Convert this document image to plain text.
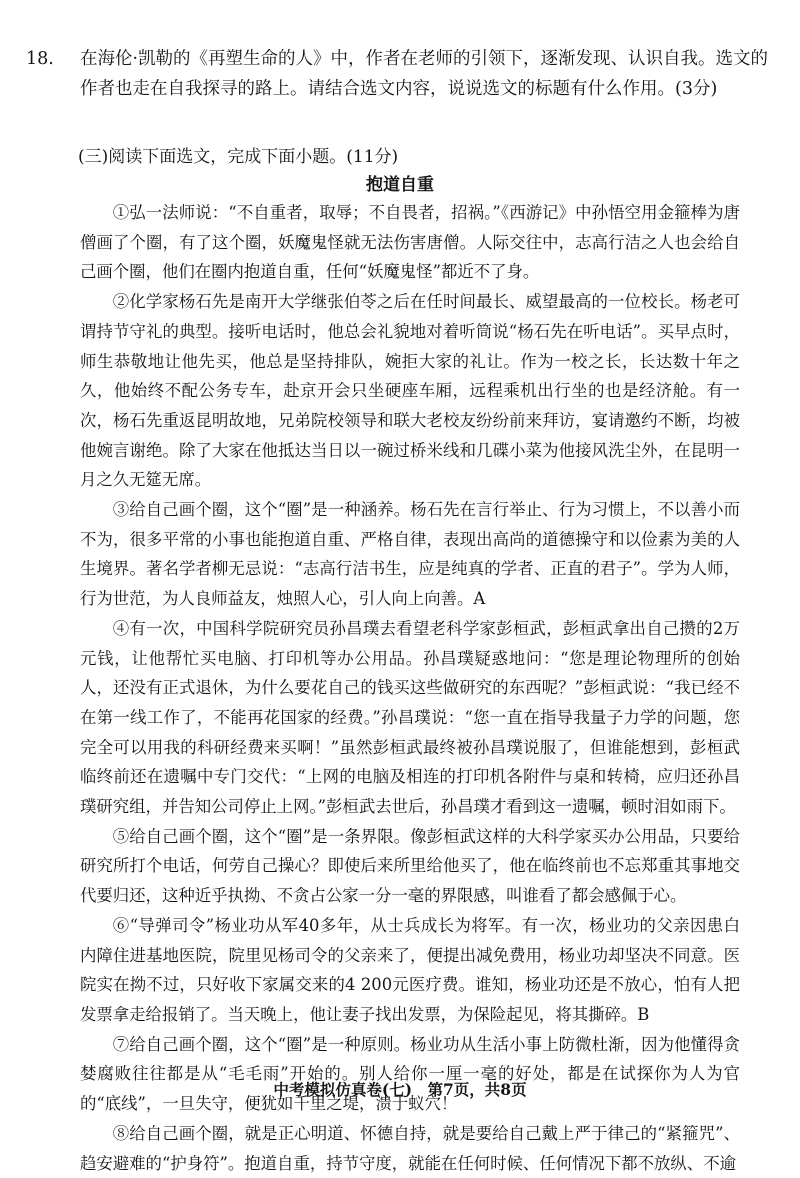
18. 在海伦·凯勒的《再塑生命的人》中，作者在老师的引领下，逐渐发现、认识自我。选文的作者也走在自我探寻的路上。请结合选文内容，说说选文的标题有什么作用。(3分)
(三)阅读下面选文，完成下面小题。(11分)
抱道自重

①弘一法师说：“不自重者，取辱；不自畏者，招祸。”《西游记》中孙悟空用金箍棒为唐僧画了个圈，有了这个圈，妖魔鬼怪就无法伤害唐僧。人际交往中，志高行洁之人也会给自己画个圈，他们在圈内抱道自重，任何“妖魔鬼怪”都近不了身。

②化学家杨石先是南开大学继张伯苓之后在任时间最长、威望最高的一位校长。杨老可谓持节守礼的典型。接听电话时，他总会礼貌地对着听筒说“杨石先在听电话”。买早点时，师生恭敬地让他先买，他总是坚持排队，婉拒大家的礼让。作为一校之长，长达数十年之久，他始终不配公务专车，赴京开会只坐硬座车厢，远程乘机出行坐的也是经济舱。有一次，杨石先重返昆明故地，兄弟院校领导和联大老校友纷纷前来拜访，宴请邀约不断，均被他婉言谢绝。除了大家在他抵达当日以一碗过桥米线和几碟小菜为他接风洗尘外，在昆明一月之久无筵无席。

③给自己画个圈，这个“圈”是一种涵养。杨石先在言行举止、行为习惯上，不以善小而不为，很多平常的小事也能抱道自重、严格自律，表现出高尚的道德操守和以俭素为美的人生境界。著名学者柳无忌说：“志高行洁书生，应是纯真的学者、正直的君子”。学为人师，行为世范，为人良师益友，烛照人心，引人向上向善。A

④有一次，中国科学院研究员孙昌璞去看望老科学家彭桓武，彭桓武拿出自己攒的2万元钱，让他帮忙买电脑、打印机等办公用品。孙昌璞疑惑地问：“您是理论物理所的创始人，还没有正式退休，为什么要花自己的钱买这些做研究的东西呢？”彭桓武说：“我已经不在第一线工作了，不能再花国家的经费。”孙昌璞说：“您一直在指导我量子力学的问题，您完全可以用我的科研经费来买啊！”虽然彭桓武最终被孙昌璞说服了，但谁能想到，彭桓武临终前还在遗嘱中专门交代：“上网的电脑及相连的打印机各附件与桌和转椅，应归还孙昌璞研究组，并告知公司停止上网。”彭桓武去世后，孙昌璞才看到这一遗嘱，顿时泪如雨下。

⑤给自己画个圈，这个“圈”是一条界限。像彭桓武这样的大科学家买办公用品，只要给研究所打个电话，何劳自己操心？即使后来所里给他买了，他在临终前也不忘郑重其事地交代要归还，这种近乎执拗、不贪占公家一分一毫的界限感，叫谁看了都会感佩于心。

⑥“导弹司令”杨业功从军40多年，从士兵成长为将军。有一次，杨业功的父亲因患白内障住进基地医院，院里见杨司令的父亲来了，便提出减免费用，杨业功却坚决不同意。医院实在拗不过，只好收下家属交来的4 200元医疗费。谁知，杨业功还是不放心，怕有人把发票拿走给报销了。当天晚上，他让妻子找出发票，为保险起见，将其撕碎。B

⑦给自己画个圈，这个“圈”是一种原则。杨业功从生活小事上防微杜渐，因为他懂得贪婪腐败往往都是从“毛毛雨”开始的。别人给你一厘一毫的好处，都是在试探你为人为官的“底线”，一旦失守，便犹如千里之堤，溃于蚁穴！

⑧给自己画个圈，就是正心明道、怀德自持，就是要给自己戴上严于律己的“紧箍咒”、趋安避难的“护身符”。抱道自重，持节守度，就能在任何时候、任何情况下都不放纵、不逾

中考模拟仿真卷(七) 第7页，共8页
